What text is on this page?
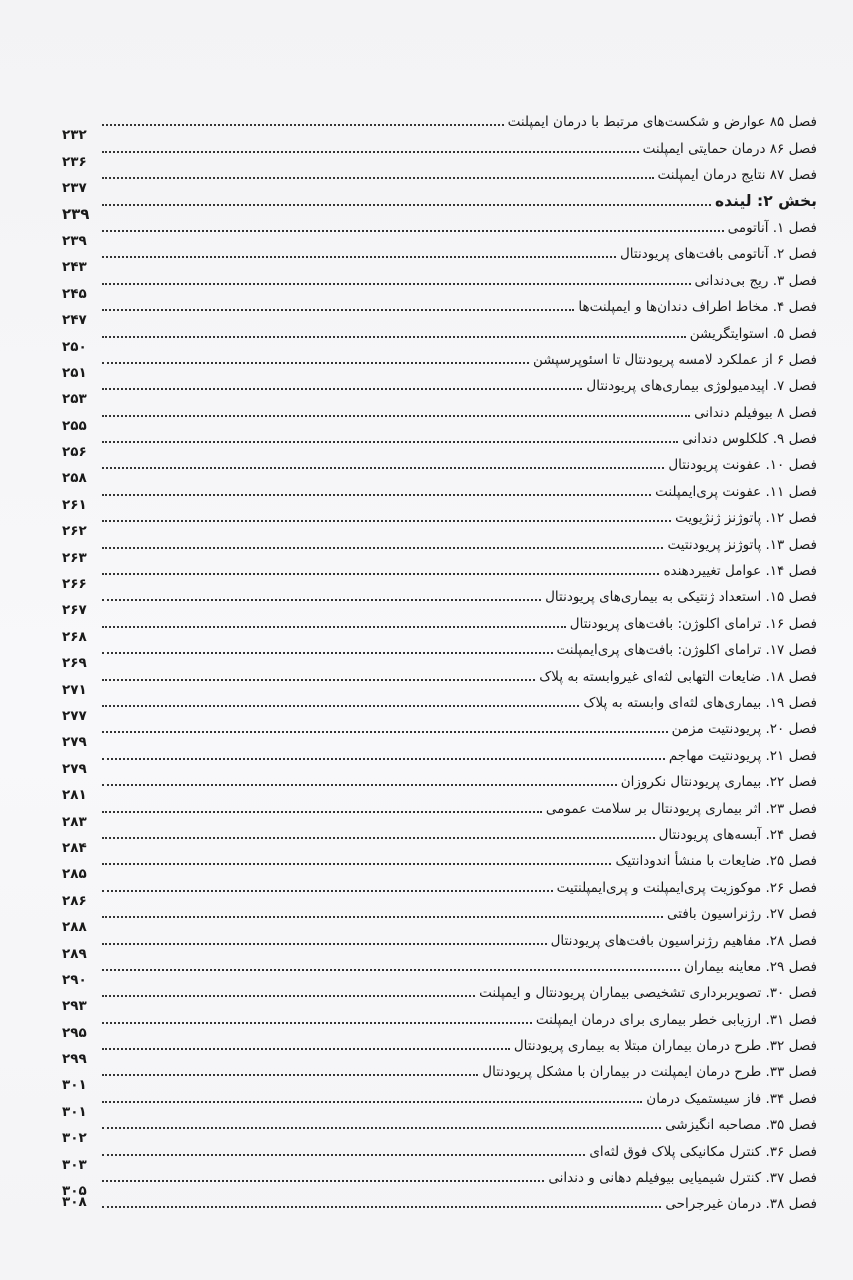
فصل ۸۵ عوارض و شکست‌های مرتبط با درمان ایمپلنت
۲۳۲
فصل ۸۶ درمان حمایتی ایمپلنت
۲۳۶
فصل ۸۷ نتایج درمان ایمپلنت
۲۳۷
بخش ۲: لینده
۲۳۹
فصل ۱. آناتومی
۲۳۹
فصل ۲. آناتومی بافت‌های پریودنتال
۲۴۳
فصل ۳. ریج بی‌دندانی
۲۴۵
فصل ۴. مخاط اطراف دندان‌ها و ایمپلنت‌ها
۲۴۷
فصل ۵. استوایتگریشن
۲۵۰
فصل ۶ از عملکرد لامسه پریودنتال تا اسئوپرسپشن
۲۵۱
فصل ۷. اپیدمیولوژی بیماری‌های پریودنتال
۲۵۳
فصل ۸ بیوفیلم دندانی
۲۵۵
فصل ۹. کلکلوس دندانی
۲۵۶
فصل ۱۰. عفونت پریودنتال
۲۵۸
فصل ۱۱. عفونت پری‌ایمپلنت
۲۶۱
فصل ۱۲. پاتوژنز ژنژیویت
۲۶۲
فصل ۱۳. پاتوژنز پریودنتیت
۲۶۳
فصل ۱۴. عوامل تغییردهنده
۲۶۶
فصل ۱۵. استعداد ژنتیکی به بیماری‌های پریودنتال
۲۶۷
فصل ۱۶. ترامای اکلوژن: بافت‌های پریودنتال
۲۶۸
فصل ۱۷. ترامای اکلوژن: بافت‌های پری‌ایمپلنت
۲۶۹
فصل ۱۸. ضایعات التهابی لثه‌ای غیروابسته به پلاک
۲۷۱
فصل ۱۹. بیماری‌های لثه‌ای وابسته به پلاک
۲۷۷
فصل ۲۰. پریودنتیت مزمن
۲۷۹
فصل ۲۱. پریودنتیت مهاجم
۲۷۹
فصل ۲۲. بیماری پریودنتال نکروزان
۲۸۱
فصل ۲۳. اثر بیماری پریودنتال بر سلامت عمومی
۲۸۳
فصل ۲۴. آبسه‌های پریودنتال
۲۸۴
فصل ۲۵. ضایعات با منشأ اندودانتیک
۲۸۵
فصل ۲۶. موکوزیت پری‌ایمپلنت و پری‌ایمپلنتیت
۲۸۶
فصل ۲۷. رژنراسیون بافتی
۲۸۸
فصل ۲۸. مفاهیم رژنراسیون بافت‌های پریودنتال
۲۸۹
فصل ۲۹. معاینه بیماران
۲۹۰
فصل ۳۰. تصویربرداری تشخیصی بیماران پریودنتال و ایمپلنت
۲۹۳
فصل ۳۱. ارزیابی خطر بیماری برای درمان ایمپلنت
۲۹۵
فصل ۳۲. طرح درمان بیماران مبتلا به بیماری پریودنتال
۲۹۹
فصل ۳۳. طرح درمان ایمپلنت در بیماران با مشکل پریودنتال
۳۰۱
فصل ۳۴. فاز سیستمیک درمان
۳۰۱
فصل ۳۵. مصاحبه انگیزشی
۳۰۲
فصل ۳۶. کنترل مکانیکی پلاک فوق لثه‌ای
۳۰۳
فصل ۳۷. کنترل شیمیایی بیوفیلم دهانی و دندانی
۳۰۵
فصل ۳۸. درمان غیرجراحی
۳۰۸
